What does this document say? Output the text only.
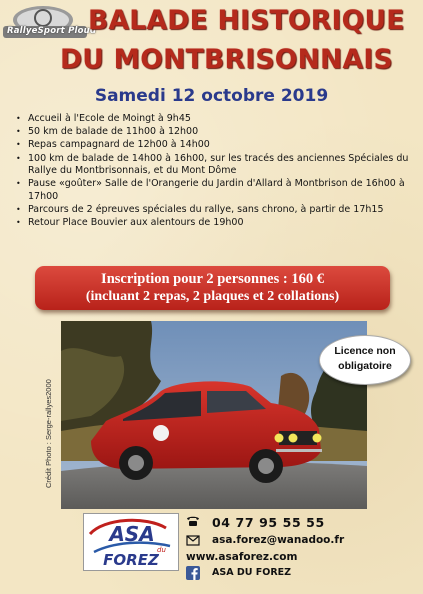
RallyeSport Ploud
BALADE HISTORIQUE
DU MONTBRISONNAIS
Samedi 12 octobre 2019
• Accueil à l'Ecole de Moingt à 9h45
• 50 km de balade de 11h00 à 12h00
• Repas campagnard de 12h00 à 14h00
• 100 km de balade de 14h00 à 16h00, sur les tracés des anciennes Spéciales du Rallye du Montbrisonnais, et du Mont Dôme
• Pause «goûter» Salle de l'Orangerie du Jardin d'Allard à Montbrison de 16h00 à 17h00
• Parcours de 2 épreuves spéciales du rallye, sans chrono, à partir de 17h15
• Retour Place Bouvier aux alentours de 19h00
Inscription pour 2 personnes : 160 €
(incluant 2 repas, 2 plaques et 2 collations)
Crédit Photo : Serge-rallyes2000
Licence non
obligatoire
ASA
du
FOREZ
04 77 95 55 55
asa.forez@wanadoo.fr
www.asaforez.com
ASA DU FOREZ
